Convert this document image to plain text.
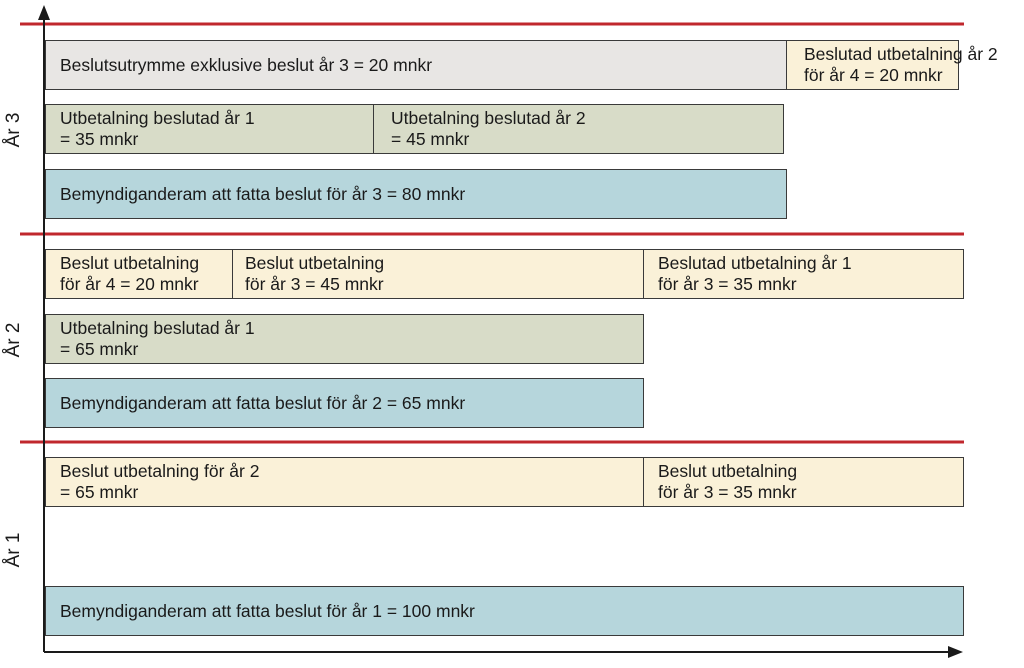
År 3
År 2
År 1
Beslutsutrymme exklusive beslut år 3 = 20 mnkr
Beslutad utbetalning år 2
för år 4 = 20 mnkr
Utbetalning beslutad år 1
= 35 mnkr
Utbetalning beslutad år 2
= 45 mnkr
Bemyndiganderam att fatta beslut för år 3 = 80 mnkr
Beslut utbetalning
för år 4 = 20 mnkr
Beslut utbetalning
för år 3 = 45 mnkr
Beslutad utbetalning år 1
för år 3 = 35 mnkr
Utbetalning beslutad år 1
= 65 mnkr
Bemyndiganderam att fatta beslut för år 2 = 65 mnkr
Beslut utbetalning för år 2
= 65 mnkr
Beslut utbetalning
för år 3 = 35 mnkr
Bemyndiganderam att fatta beslut för år 1 = 100 mnkr
